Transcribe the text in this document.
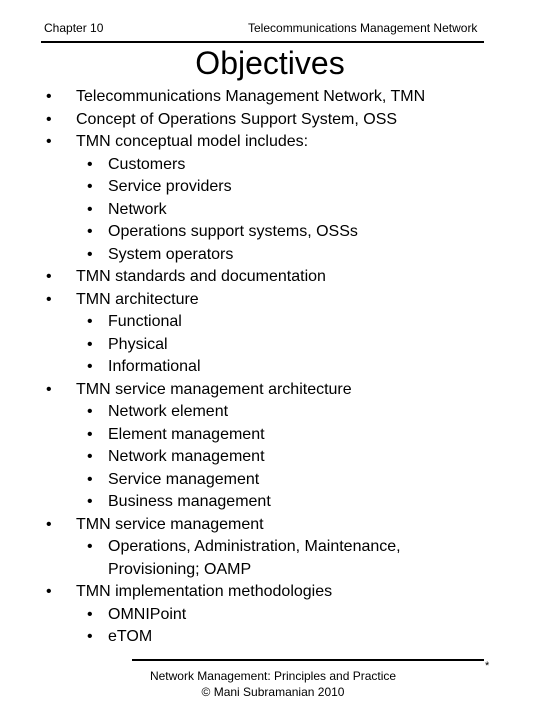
Chapter 10	Telecommunications Management Network
Objectives
• Telecommunications Management Network, TMN
• Concept of Operations Support System, OSS
• TMN conceptual model includes:
• Customers
• Service providers
• Network
• Operations support systems, OSSs
• System operators
• TMN standards and documentation
• TMN architecture
• Functional
• Physical
• Informational
• TMN service management architecture
• Network element
• Element management
• Network management
• Service management
• Business management
• TMN service management
• Operations, Administration, Maintenance,
Provisioning; OAMP
• TMN implementation methodologies
• OMNIPoint
• eTOM
*
Network Management: Principles and Practice
© Mani Subramanian 2010
